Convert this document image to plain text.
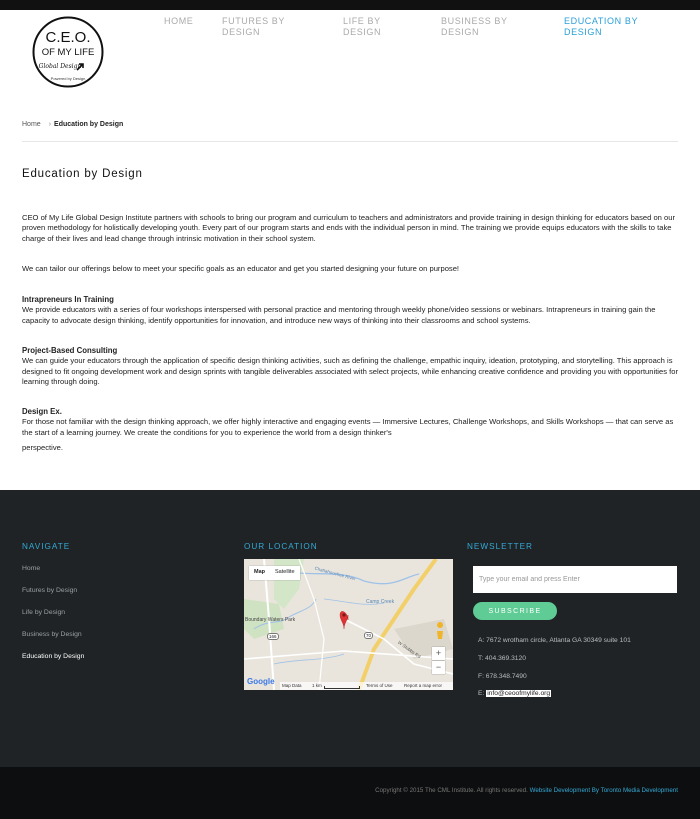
C.E.O.
OF MY LIFE
Global Design
Powered by Design
HOME	FUTURES BY DESIGN
LIFE BY DESIGN
BUSINESS BY DESIGN
EDUCATION BY DESIGN
Home › Education by Design
Education by Design

CEO of My Life Global Design Institute partners with schools to bring our program and curriculum to teachers and administrators and provide training in design thinking for educators based on our proven methodology for holistically developing youth. Every part of our program starts and ends with the individual person in mind. The training we provide equips educators with the skills to take charge of their lives and lead change through intrinsic motivation in their school system.

We can tailor our offerings below to meet your specific goals as an educator and get you started designing your future on purpose!

Intrapreneurs In Training
We provide educators with a series of four workshops interspersed with personal practice and mentoring through weekly phone/video sessions or webinars. Intrapreneurs in training gain the capacity to advocate design thinking, identify opportunities for innovation, and introduce new ways of thinking into their classrooms and school systems.
Project-Based Consulting
We can guide your educators through the application of specific design thinking activities, such as defining the challenge, empathic inquiry, ideation, prototyping, and storytelling. This approach is designed to fit ongoing development work and design sprints with tangible deliverables associated with select projects, while enhancing creative confidence and providing you with opportunities for learning through doing.
Design Ex.
For those not familiar with the design thinking approach, we offer highly interactive and engaging events — Immersive Lectures, Challenge Workshops, and Skills Workshops — that can serve as the start of a learning journey. We create the conditions for you to experience the world from a design thinker's

perspective.

NAVIGATE
Home
Futures by Design
Life by Design
Business by Design
Education by Design
OUR LOCATION
Map	Satellite
Boundary Waters Park
Chattahoochee River
Camp Creek
W Stubbs Rd
166	70
+
−
Google Map Data 1 km	Terms of Use	Report a map error
NEWSLETTER
Type your email and press Enter
SUBSCRIBE
A: 7672 wrotham circle, Atlanta GA 30349 suite 101
T: 404.369.3120
F: 678.348.7490
E: info@ceoofmylife.org
Copyright © 2015 The CML Institute. All rights reserved. Website Development By Toronto Media Development
